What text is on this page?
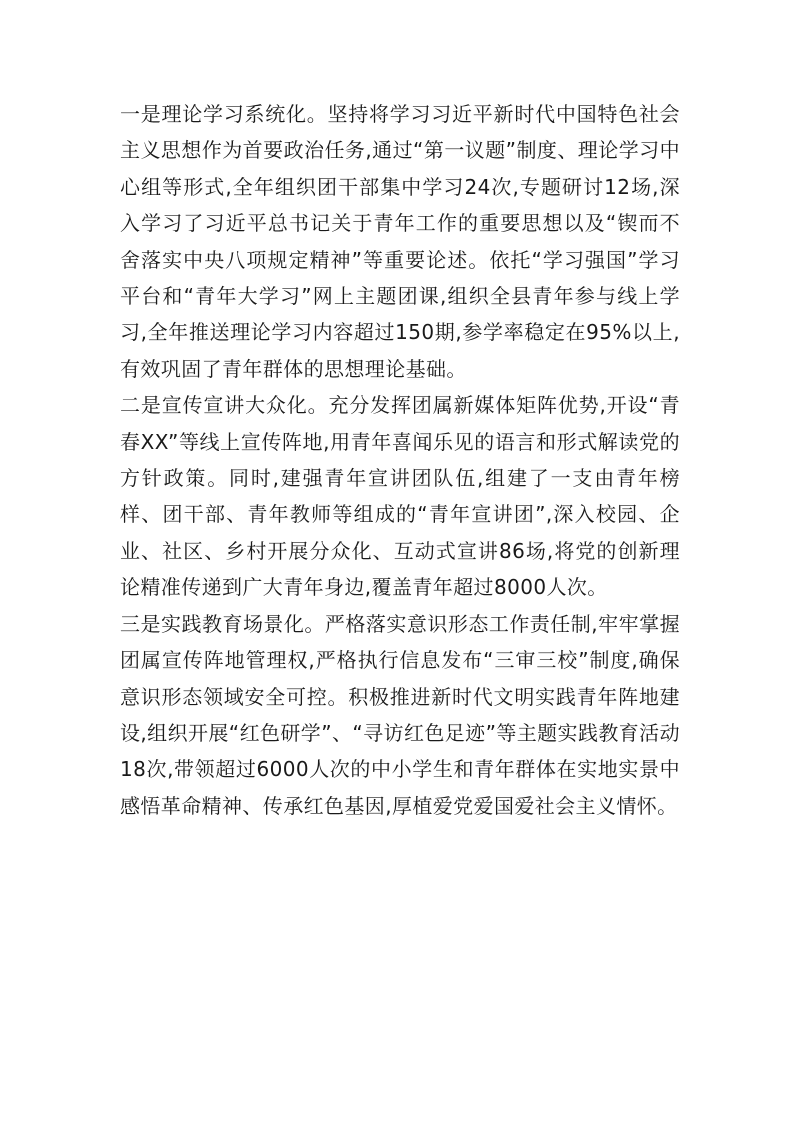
一是理论学习系统化。坚持将学习习近平新时代中国特色社会主义思想作为首要政治任务,通过“第一议题”制度、理论学习中心组等形式,全年组织团干部集中学习24次,专题研讨12场,深入学习了习近平总书记关于青年工作的重要思想以及“锲而不舍落实中央八项规定精神”等重要论述。依托“学习强国”学习平台和“青年大学习”网上主题团课,组织全县青年参与线上学习,全年推送理论学习内容超过150期,参学率稳定在95%以上,有效巩固了青年群体的思想理论基础。

二是宣传宣讲大众化。充分发挥团属新媒体矩阵优势,开设“青春XX”等线上宣传阵地,用青年喜闻乐见的语言和形式解读党的方针政策。同时,建强青年宣讲团队伍,组建了一支由青年榜样、团干部、青年教师等组成的“青年宣讲团”,深入校园、企业、社区、乡村开展分众化、互动式宣讲86场,将党的创新理论精准传递到广大青年身边,覆盖青年超过8000人次。

三是实践教育场景化。严格落实意识形态工作责任制,牢牢掌握团属宣传阵地管理权,严格执行信息发布“三审三校”制度,确保意识形态领域安全可控。积极推进新时代文明实践青年阵地建设,组织开展“红色研学”、“寻访红色足迹”等主题实践教育活动18次,带领超过6000人次的中小学生和青年群体在实地实景中感悟革命精神、传承红色基因,厚植爱党爱国爱社会主义情怀。
